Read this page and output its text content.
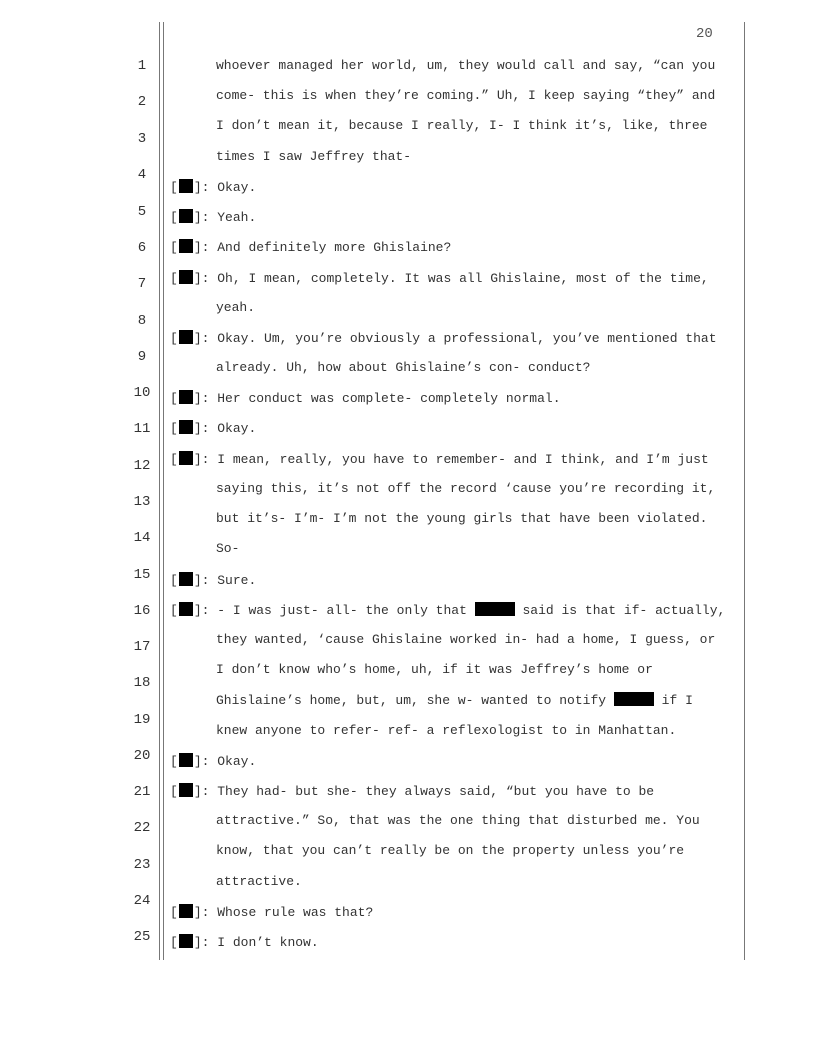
20
1
2
3
4
5
6
7
8
9
10
11
12
13
14
15
16
17
18
19
20
21
22
23
24
25
whoever managed her world, um, they would call and say, “can you
come- this is when they’re coming.” Uh, I keep saying “they” and
I don’t mean it, because I really, I- I think it’s, like, three
times I saw Jeffrey that-
[ ]: Okay.
[ ]: Yeah.
[ ]: And definitely more Ghislaine?
[ ]: Oh, I mean, completely. It was all Ghislaine, most of the time,
yeah.
[ ]: Okay. Um, you’re obviously a professional, you’ve mentioned that
already. Uh, how about Ghislaine’s con- conduct?
[ ]: Her conduct was complete- completely normal.
[ ]: Okay.
[ ]: I mean, really, you have to remember- and I think, and I’m just
saying this, it’s not off the record ‘cause you’re recording it,
but it’s- I’m- I’m not the young girls that have been violated.
So-
[ ]: Sure.
[ ]: - I was just- all- the only that	said is that if- actually,
they wanted, ‘cause Ghislaine worked in- had a home, I guess, or
I don’t know who’s home, uh, if it was Jeffrey’s home or
Ghislaine’s home, but, um, she w- wanted to notify	if I
knew anyone to refer- ref- a reflexologist to in Manhattan.
[ ]: Okay.
[ ]: They had- but she- they always said, “but you have to be
attractive.” So, that was the one thing that disturbed me. You
know, that you can’t really be on the property unless you’re
attractive.
[ ]: Whose rule was that?
[ ]: I don’t know.
